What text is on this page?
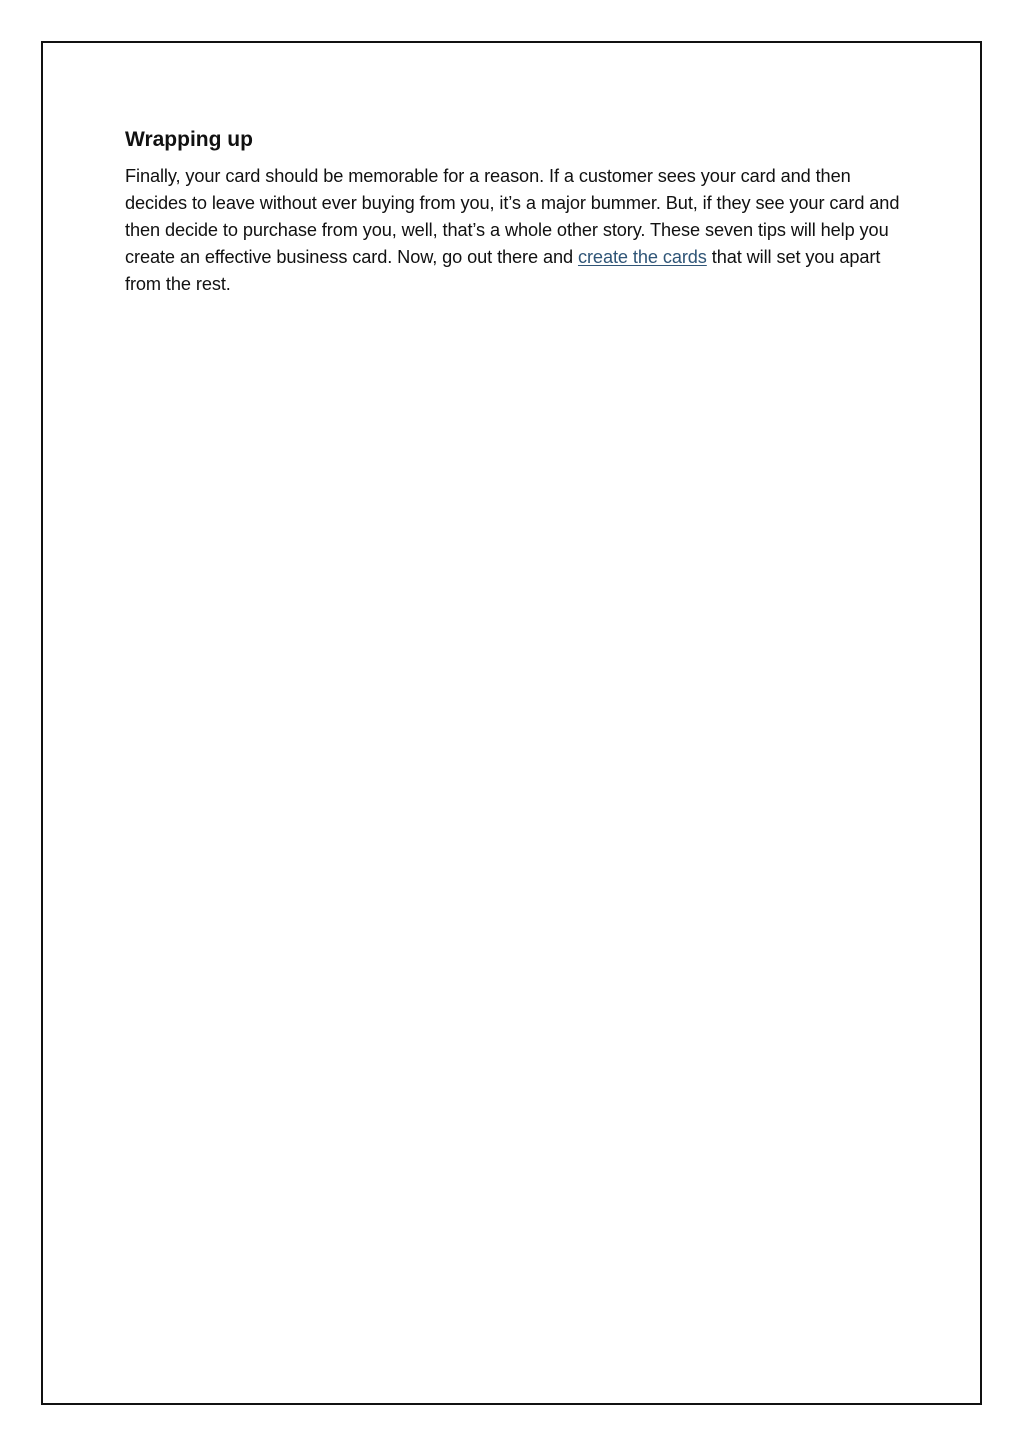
Wrapping up

Finally, your card should be memorable for a reason. If a customer sees your card and then decides to leave without ever buying from you, it’s a major bummer. But, if they see your card and then decide to purchase from you, well, that’s a whole other story. These seven tips will help you create an effective business card. Now, go out there and create the cards that will set you apart from the rest.
